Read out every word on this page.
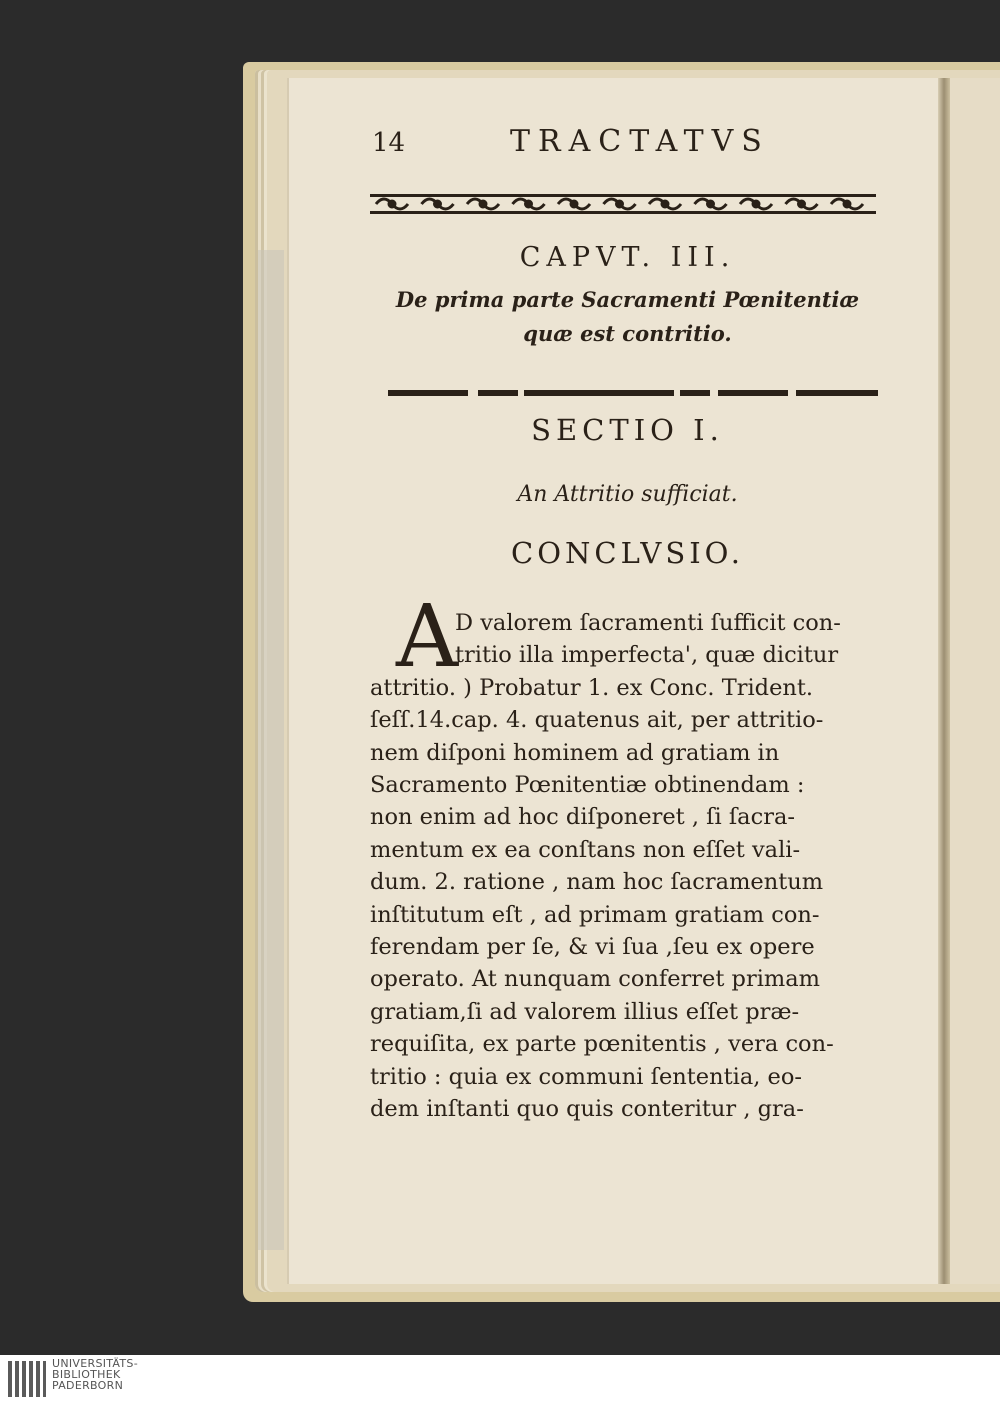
14	TRACTATVS
CAPVT. III.
De prima parte Sacramenti Pœnitentiæ
quæ est contritio.
SECTIO I.
An Attritio sufficiat.
CONCLVSIO.
A
D valorem ſacramenti ſufficit con-
tritio illa imperfecta', quæ dicitur
attritio. ) Probatur 1. ex Conc. Trident.
ſeſſ.14.cap. 4. quatenus ait, per attritio-
nem diſponi hominem ad gratiam in
Sacramento Pœnitentiæ obtinendam :
non enim ad hoc diſponeret , ſi ſacra-
mentum ex ea conſtans non eſſet vali-
dum. 2. ratione , nam hoc ſacramentum
inſtitutum eſt , ad primam gratiam con-
ferendam per ſe, & vi ſua ,ſeu ex opere
operato. At nunquam conferret primam
gratiam,ſi ad valorem illius eſſet præ-
requiſita, ex parte pœnitentis , vera con-
tritio : quia ex communi ſententia, eo-
dem inſtanti quo quis conteritur , gra-
UNIVERSITÄTS-
BIBLIOTHEK
PADERBORN
